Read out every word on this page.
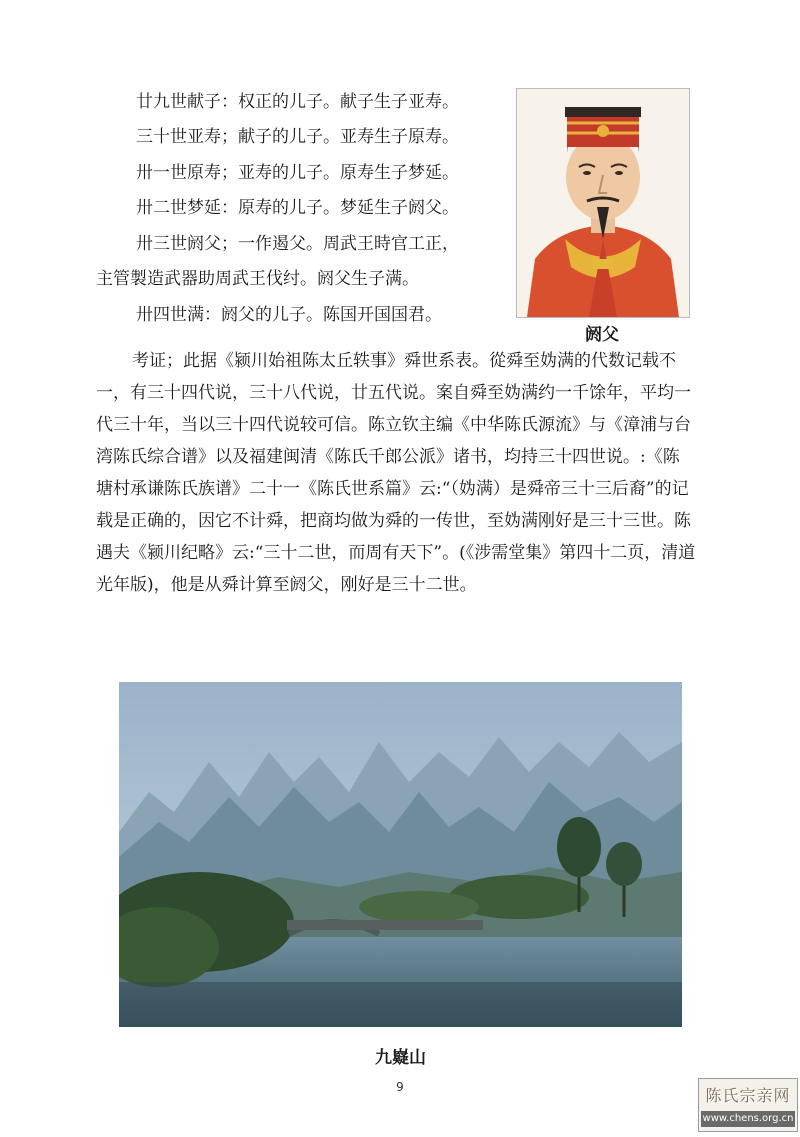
廿九世献子：权正的儿子。献子生子亚寿。
三十世亚寿；献子的儿子。亚寿生子原寿。
卅一世原寿；亚寿的儿子。原寿生子梦延。
卅二世梦延：原寿的儿子。梦延生子阏父。
卅三世阏父；一作遏父。周武王時官工正，
主管製造武器助周武王伐纣。阏父生子满。
卅四世满：阏父的儿子。陈国开国国君。
阏父
考证；此据《颍川始祖陈太丘轶事》舜世系表。從舜至妫满的代数记载不一，有三十四代说，三十八代说，廿五代说。案自舜至妫满约一千馀年，平均一代三十年，当以三十四代说较可信。陈立钦主编《中华陈氏源流》与《漳浦与台湾陈氏综合谱》以及福建闽清《陈氏千郎公派》诸书，均持三十四世说。:《陈塘村承谦陈氏族谱》二十一《陈氏世系篇》云:“（妫满）是舜帝三十三后裔”的记载是正确的，因它不计舜，把商均做为舜的一传世，至妫满刚好是三十三世。陈遇夫《颍川纪略》云:“三十二世，而周有天下”。(《涉需堂集》第四十二页，清道光年版)，他是从舜计算至阏父，刚好是三十二世。
九嶷山
9	陈氏宗亲网
www.chens.org.cn
